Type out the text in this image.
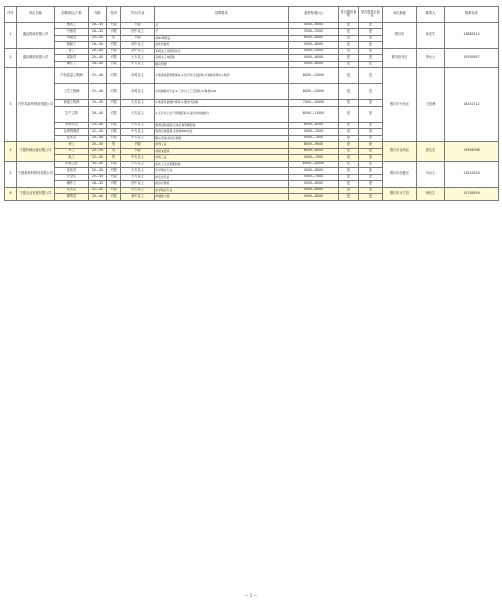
序号	单位名称	招聘岗位/工种	年龄	性别	学历/专业	招聘要求	薪资待遇(元)	是否提供食宿	是否提供五险一金	单位地址	联系人	联系电话
1	通达物流有限公司	搬运工	18—45	不限	不限	无	4000—6000	是	是	银川市	孙先生	13885215
		分拣员	18—45	不限	初中以上	无	3500—5000	是	是			
		驾驶员	25—50	男	不限	持B2驾驶证	6000—8000	是	是			
		装卸工	18—50	不限	初中以上	能吃苦耐劳	4500—6000	是	是			
2	通达制造有限公司	普工	18—45	不限	初中以上	有相关工作经验优先	4000—5500	是	是	银川经开区	李女士	15309557
		质检员	20—40	不限	大专以上	有相关工作经验	4500—6000	是	是			
		操作工	18—45	不限	中专以上	服从管理	4500—6000	是	是			
3	汽车零部件制造有限公司	产品质量工程师	25—40	不限	本科以上	1.熟悉质量管理体系;2.有汽车行业经验;3.熟练使用办公软件	8000—12000	是	是	银川市兴庆区	王经理	18152711
		工艺工程师	25—40	不限	本科以上	1.机械相关专业;2.三年以上工艺经验;3.熟悉CAD	8000—12000	是	是			
		设备工程师	25—45	不限	大专以上	1.熟悉设备维护保养;2.懂电气控制	7000—10000	是	是			
		生产主管	28—45	不限	大专以上	1.五年以上生产管理经验;2.良好的沟通能力	8000—11000	是	是			
		采购专员	23—40	不限	大专以上	熟悉采购流程,有供应商管理经验	6000—8000	是	是			
		仓库管理员	22—45	不限	中专以上	熟悉仓储管理,会使用ERP系统	5000—7000	是	是			
		技术员	20—40	不限	中专以上	服从安排,能适应倒班	5000—7000	是	是			
4	宁夏机械设备有限公司	焊工	20—50	男	不限	持焊工证	6000—9000	是	是	银川市金凤区	张先生	13995098
		车工	20—50	男	不限	有相关经验	6000—8000	是	是			
		电工	22—50	男	中专以上	持电工证	5500—7500	是	是			
5	宁夏新材料科技有限公司	车间主任	30—50	不限	大专以上	有化工行业管理经验	8000—10000	是	是	银川市西夏区	马女士	13519229
		化验员	20—40	不限	大专以上	化学相关专业	4500—6000	是	是			
		安全员	25—45	不限	大专以上	持安全员证	5000—7000	是	是			
		操作工	18—45	不限	初中以上	能适应倒班	4500—6000	是	是			
6	宁夏农业发展有限公司	技术员	22—45	不限	大专以上	农学相关专业	4500—6000	是	是	银川市永宁县	杨先生	15709559
		销售员	20—40	不限	高中以上	沟通能力强	4000—8000	是	是			
— 1 —
